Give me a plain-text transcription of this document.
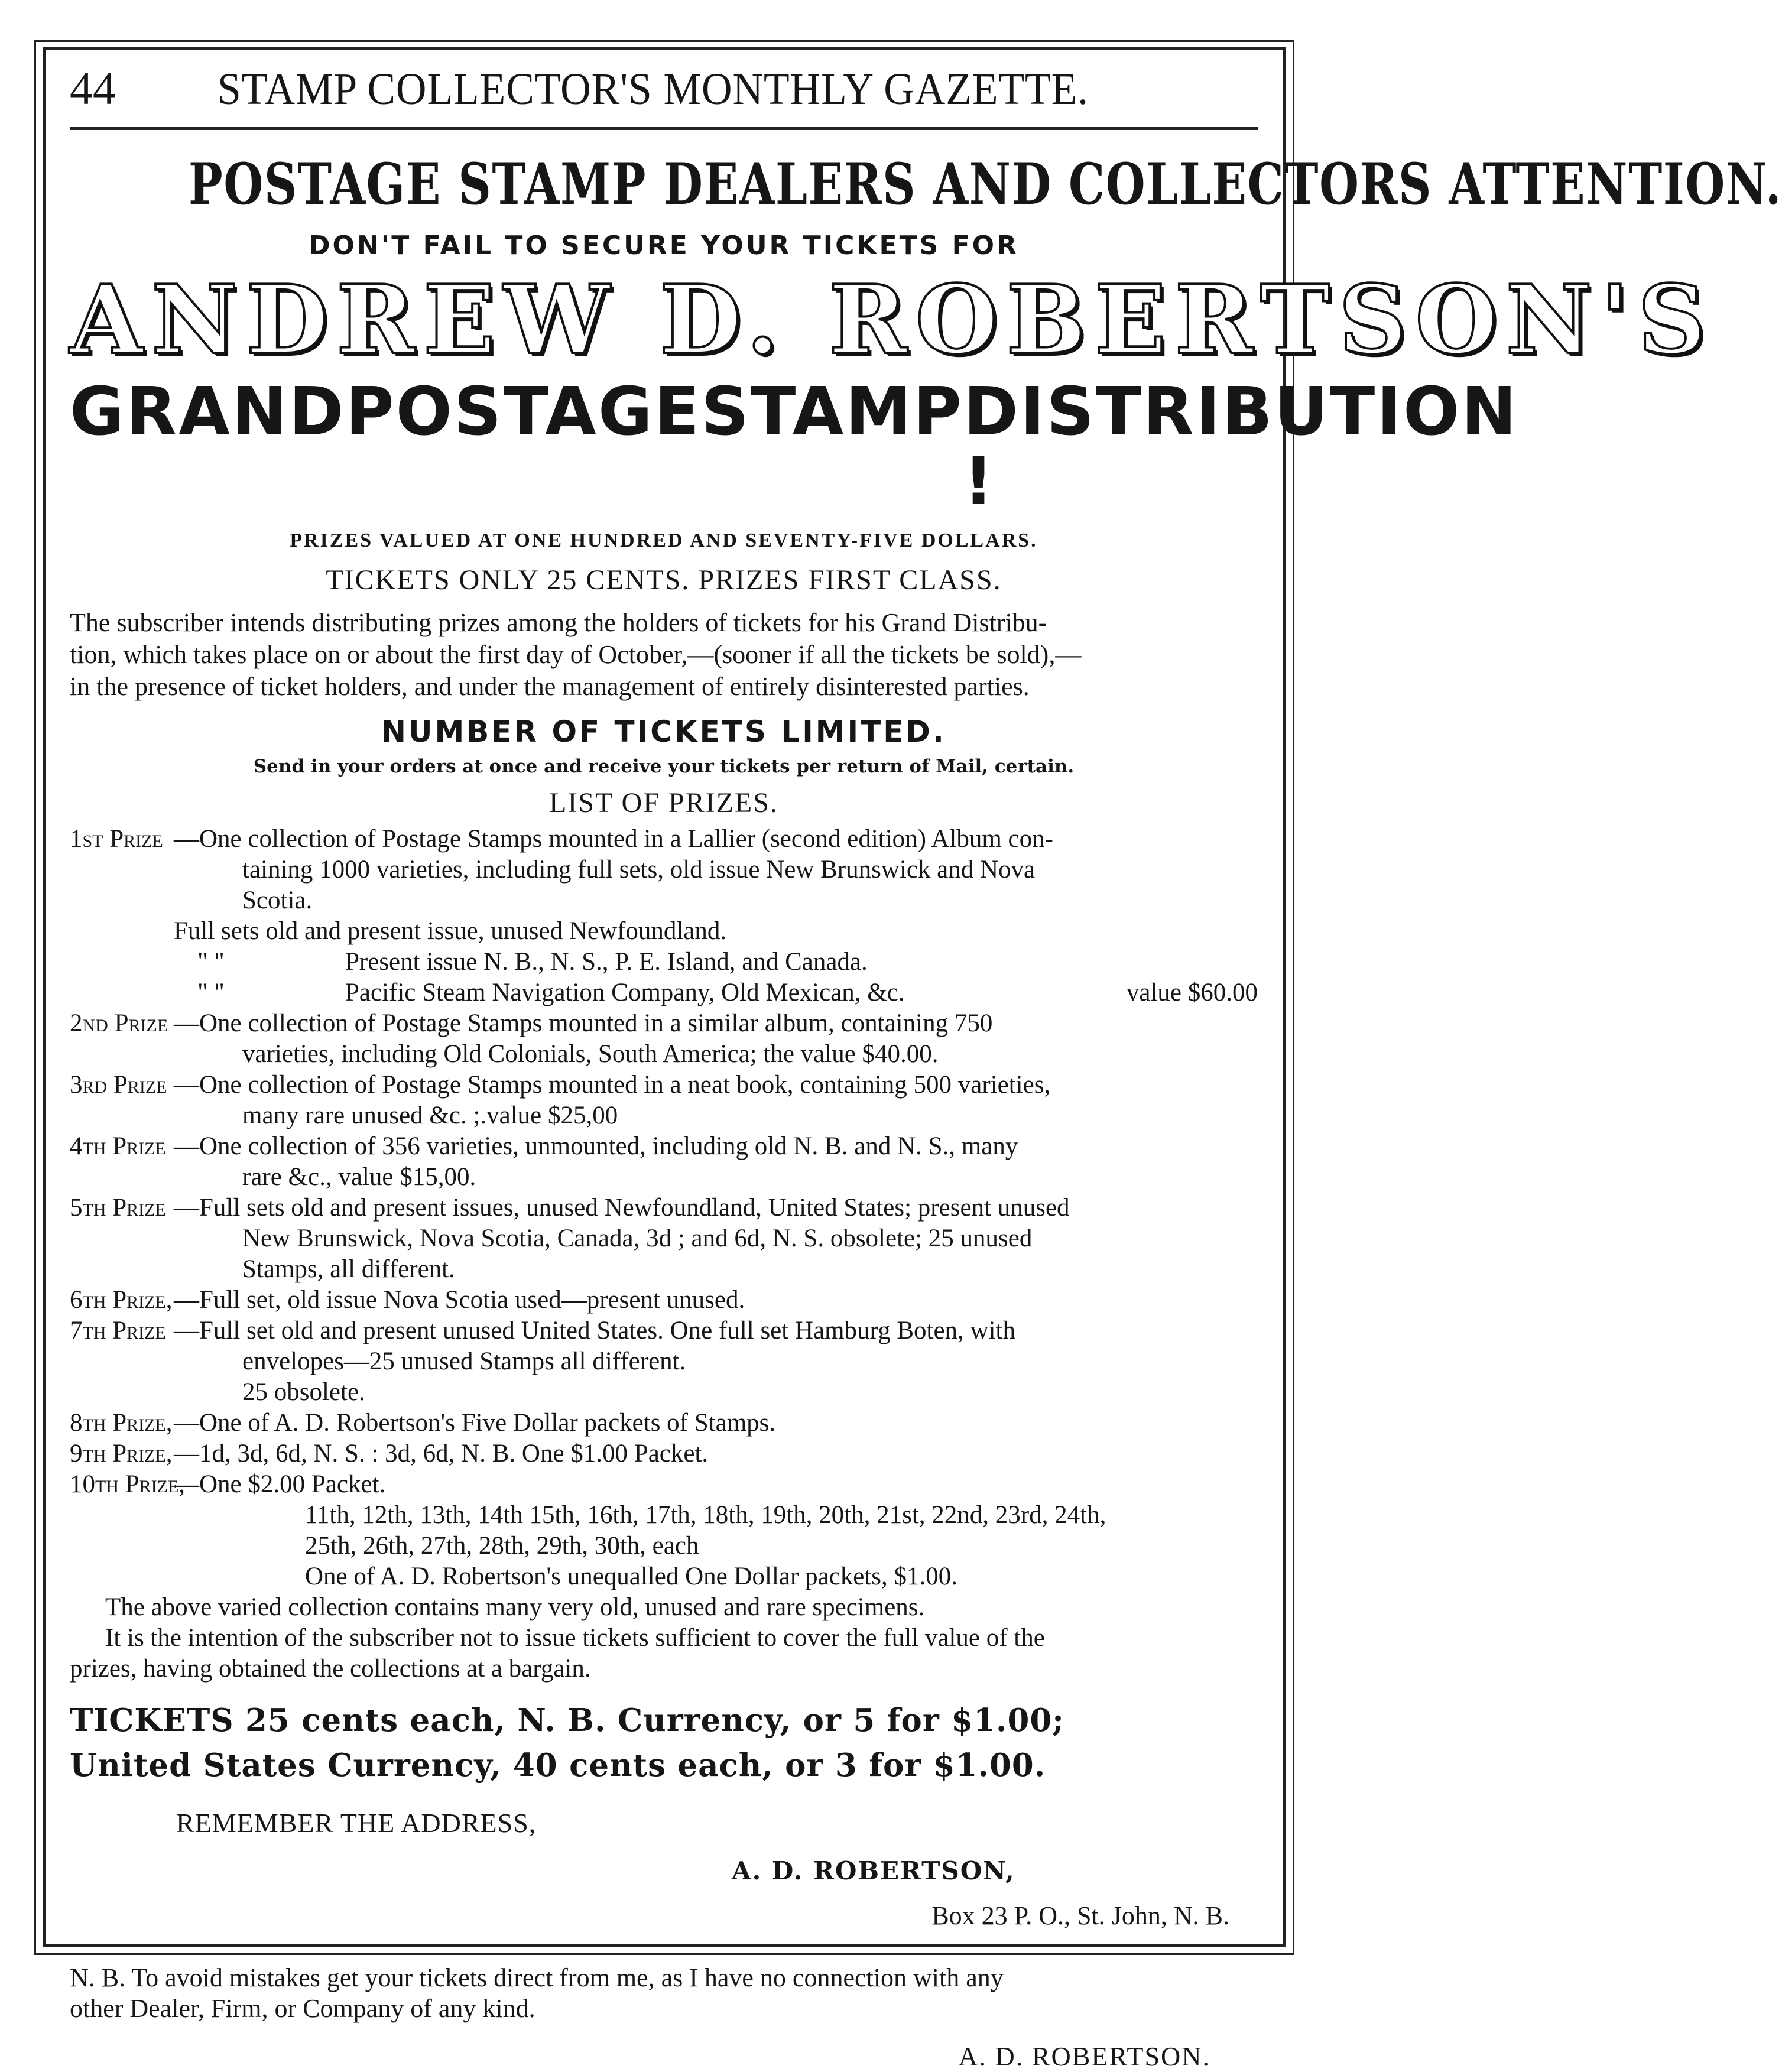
44	STAMP COLLECTOR'S MONTHLY GAZETTE.
POSTAGE STAMP DEALERS AND COLLECTORS ATTENTION.
DON'T FAIL TO SECURE YOUR TICKETS FOR
ANDREW D. ROBERTSON'S
GRAND POSTAGE STAMP DISTRIBUTION !
PRIZES VALUED AT ONE HUNDRED AND SEVENTY-FIVE DOLLARS.
TICKETS ONLY 25 CENTS. PRIZES FIRST CLASS.
The subscriber intends distributing prizes among the holders of tickets for his Grand Distribu-
tion, which takes place on or about the first day of October,—(sooner if all the tickets be sold),—
in the presence of ticket holders, and under the management of entirely disinterested parties.
NUMBER OF TICKETS LIMITED.
Send in your orders at once and receive your tickets per return of Mail, certain.
LIST OF PRIZES.
1st Prize —One collection of Postage Stamps mounted in a Lallier (second edition) Album con-
taining 1000 varieties, including full sets, old issue New Brunswick and Nova
Scotia.
Full sets old and present issue, unused Newfoundland.
" "	Present issue N. B., N. S., P. E. Island, and Canada.
" "	Pacific Steam Navigation Company, Old Mexican, &c.	value $60.00
2nd Prize —One collection of Postage Stamps mounted in a similar album, containing 750
varieties, including Old Colonials, South America; the value $40.00.
3rd Prize —One collection of Postage Stamps mounted in a neat book, containing 500 varieties,
many rare unused &c. ;.value $25,00
4th Prize —One collection of 356 varieties, unmounted, including old N. B. and N. S., many
rare &c., value $15,00.
5th Prize —Full sets old and present issues, unused Newfoundland, United States; present unused
New Brunswick, Nova Scotia, Canada, 3d ; and 6d, N. S. obsolete; 25 unused
Stamps, all different.
6th Prize,—Full set, old issue Nova Scotia used—present unused.
7th Prize —Full set old and present unused United States. One full set Hamburg Boten, with
envelopes—25 unused Stamps all different.
25 obsolete.
8th Prize,—One of A. D. Robertson's Five Dollar packets of Stamps.
9th Prize,—1d, 3d, 6d, N. S. : 3d, 6d, N. B. One $1.00 Packet.
10th Prize,—One $2.00 Packet.
11th, 12th, 13th, 14th 15th, 16th, 17th, 18th, 19th, 20th, 21st, 22nd, 23rd, 24th,
25th, 26th, 27th, 28th, 29th, 30th, each
One of A. D. Robertson's unequalled One Dollar packets, $1.00.
The above varied collection contains many very old, unused and rare specimens.
It is the intention of the subscriber not to issue tickets sufficient to cover the full value of the
prizes, having obtained the collections at a bargain.
TICKETS 25 cents each, N. B. Currency, or 5 for $1.00;
United States Currency, 40 cents each, or 3 for $1.00.
REMEMBER THE ADDRESS,
A. D. ROBERTSON,
Box 23 P. O., St. John, N. B.
N. B. To avoid mistakes get your tickets direct from me, as I have no connection with any
other Dealer, Firm, or Company of any kind.
A. D. ROBERTSON.
